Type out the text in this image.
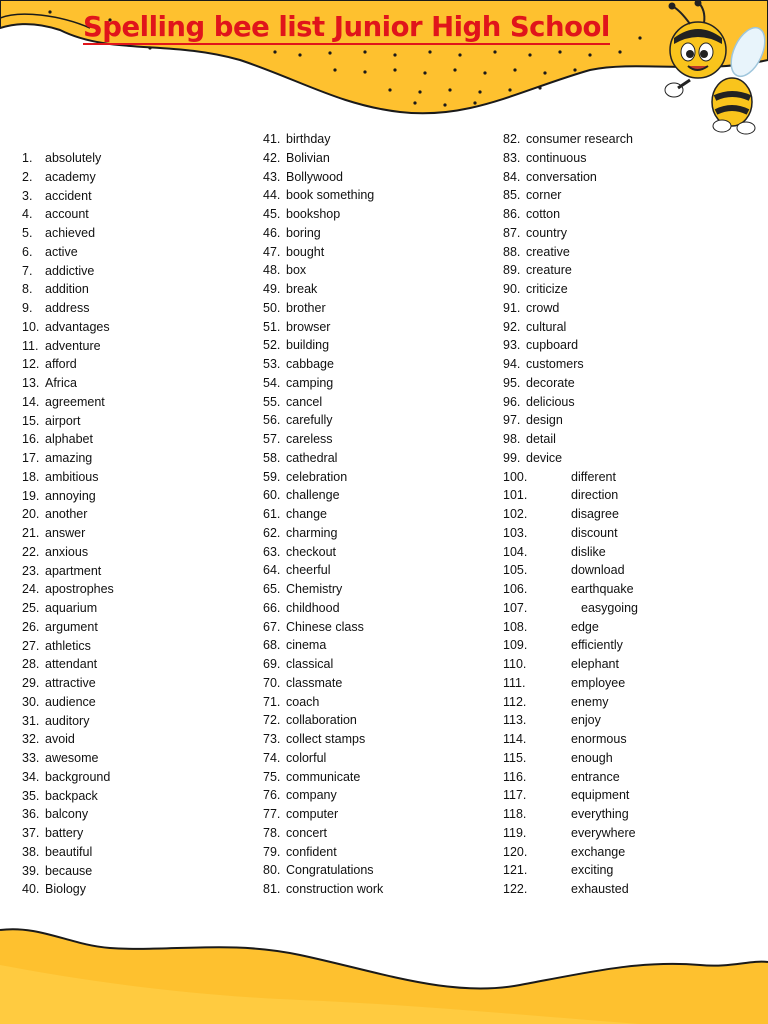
Spelling bee list Junior High School
1. absolutely
2. academy
3. accident
4. account
5. achieved
6. active
7. addictive
8. addition
9. address
10. advantages
11. adventure
12. afford
13. Africa
14. agreement
15. airport
16. alphabet
17. amazing
18. ambitious
19. annoying
20. another
21. answer
22. anxious
23. apartment
24. apostrophes
25. aquarium
26. argument
27. athletics
28. attendant
29. attractive
30. audience
31. auditory
32. avoid
33. awesome
34. background
35. backpack
36. balcony
37. battery
38. beautiful
39. because
40. Biology
41. birthday
42. Bolivian
43. Bollywood
44. book something
45. bookshop
46. boring
47. bought
48. box
49. break
50. brother
51. browser
52. building
53. cabbage
54. camping
55. cancel
56. carefully
57. careless
58. cathedral
59. celebration
60. challenge
61. change
62. charming
63. checkout
64. cheerful
65. Chemistry
66. childhood
67. Chinese class
68. cinema
69. classical
70. classmate
71. coach
72. collaboration
73. collect stamps
74. colorful
75. communicate
76. company
77. computer
78. concert
79. confident
80. Congratulations
81. construction work
82. consumer research
83. continuous
84. conversation
85. corner
86. cotton
87. country
88. creative
89. creature
90. criticize
91. crowd
92. cultural
93. cupboard
94. customers
95. decorate
96. delicious
97. design
98. detail
99. device
100.	different
101.	direction
102.	disagree
103.	discount
104.	dislike
105.	download
106.	earthquake
107.	easygoing
108.	edge
109.	efficiently
110.	elephant
111.	employee
112.	enemy
113.	enjoy
114.	enormous
115.	enough
116.	entrance
117.	equipment
118.	everything
119.	everywhere
120.	exchange
121.	exciting
122.	exhausted
